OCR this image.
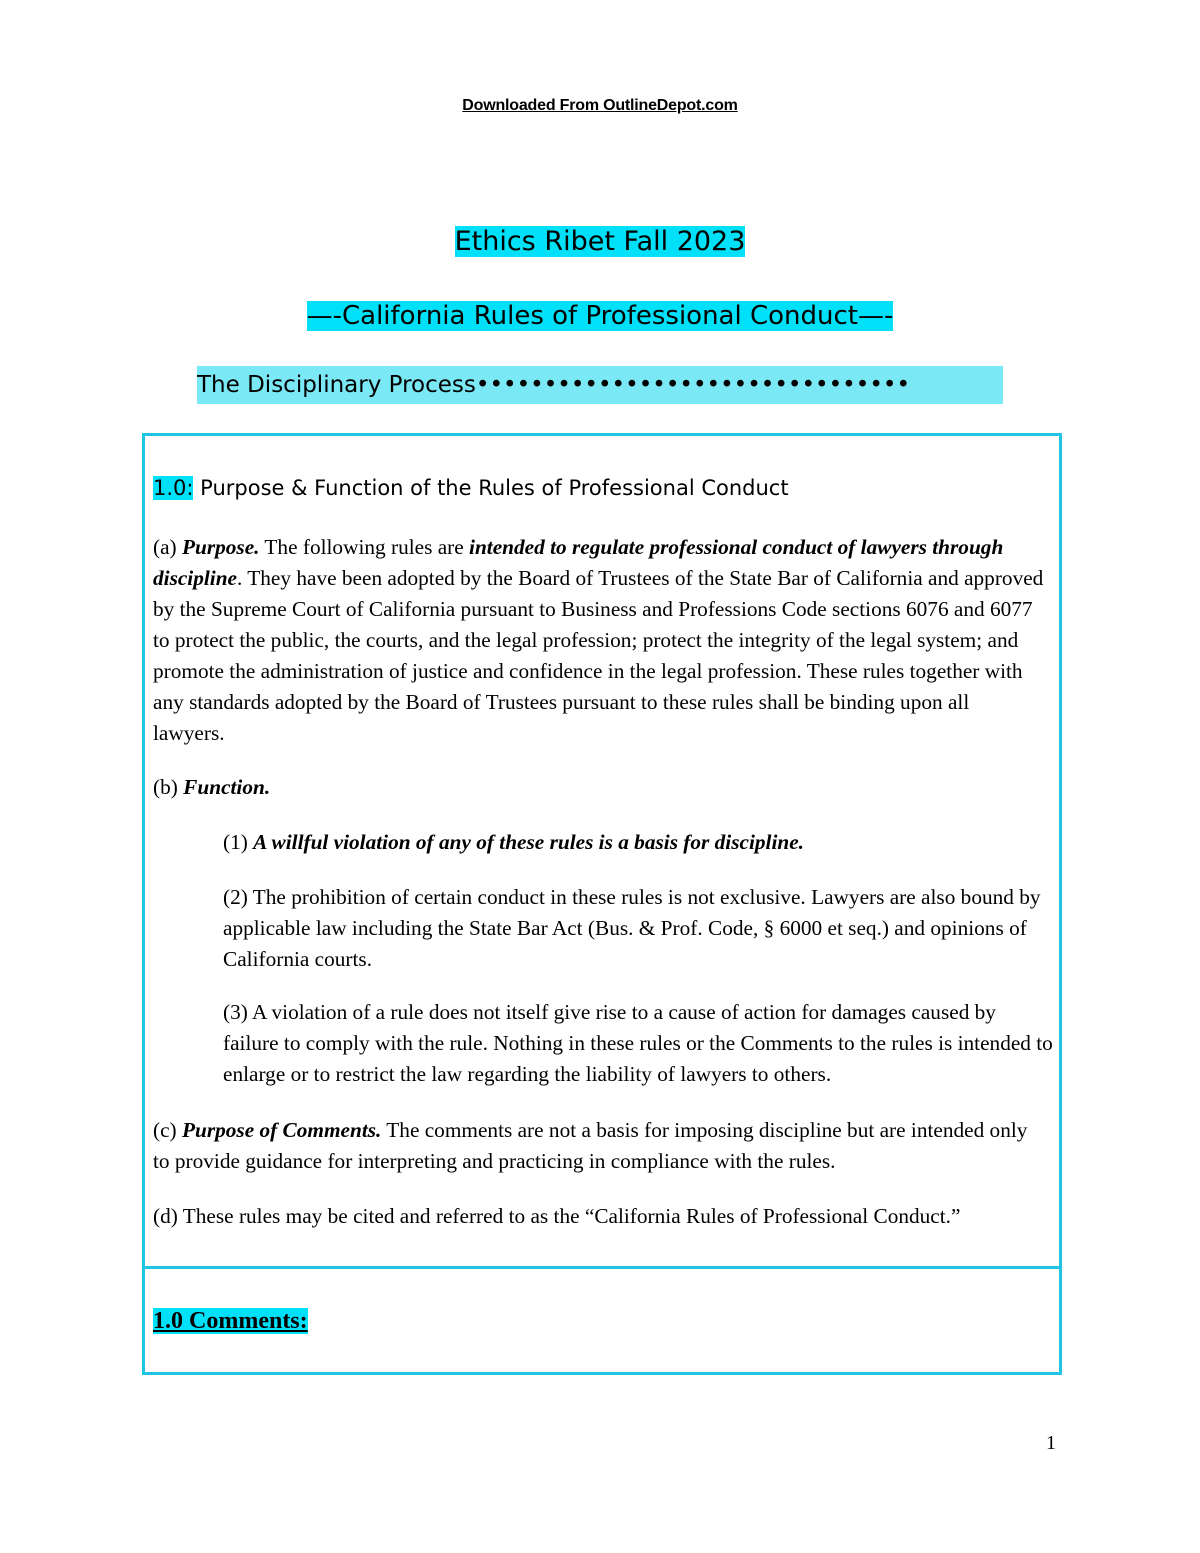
Downloaded From OutlineDepot.com
Ethics Ribet Fall 2023
—-California Rules of Professional Conduct—-
The Disciplinary Process••••••••••••••••••••••••••••••••
1.0: Purpose & Function of the Rules of Professional Conduct
(a) Purpose. The following rules are intended to regulate professional conduct of lawyers through discipline. They have been adopted by the Board of Trustees of the State Bar of California and approved by the Supreme Court of California pursuant to Business and Professions Code sections 6076 and 6077 to protect the public, the courts, and the legal profession; protect the integrity of the legal system; and promote the administration of justice and confidence in the legal profession. These rules together with any standards adopted by the Board of Trustees pursuant to these rules shall be binding upon all lawyers.
(b) Function.
(1) A willful violation of any of these rules is a basis for discipline.
(2) The prohibition of certain conduct in these rules is not exclusive. Lawyers are also bound by applicable law including the State Bar Act (Bus. & Prof. Code, § 6000 et seq.) and opinions of California courts.
(3) A violation of a rule does not itself give rise to a cause of action for damages caused by failure to comply with the rule. Nothing in these rules or the Comments to the rules is intended to enlarge or to restrict the law regarding the liability of lawyers to others.
(c) Purpose of Comments. The comments are not a basis for imposing discipline but are intended only to provide guidance for interpreting and practicing in compliance with the rules.
(d) These rules may be cited and referred to as the “California Rules of Professional Conduct.”
1.0 Comments:
1
